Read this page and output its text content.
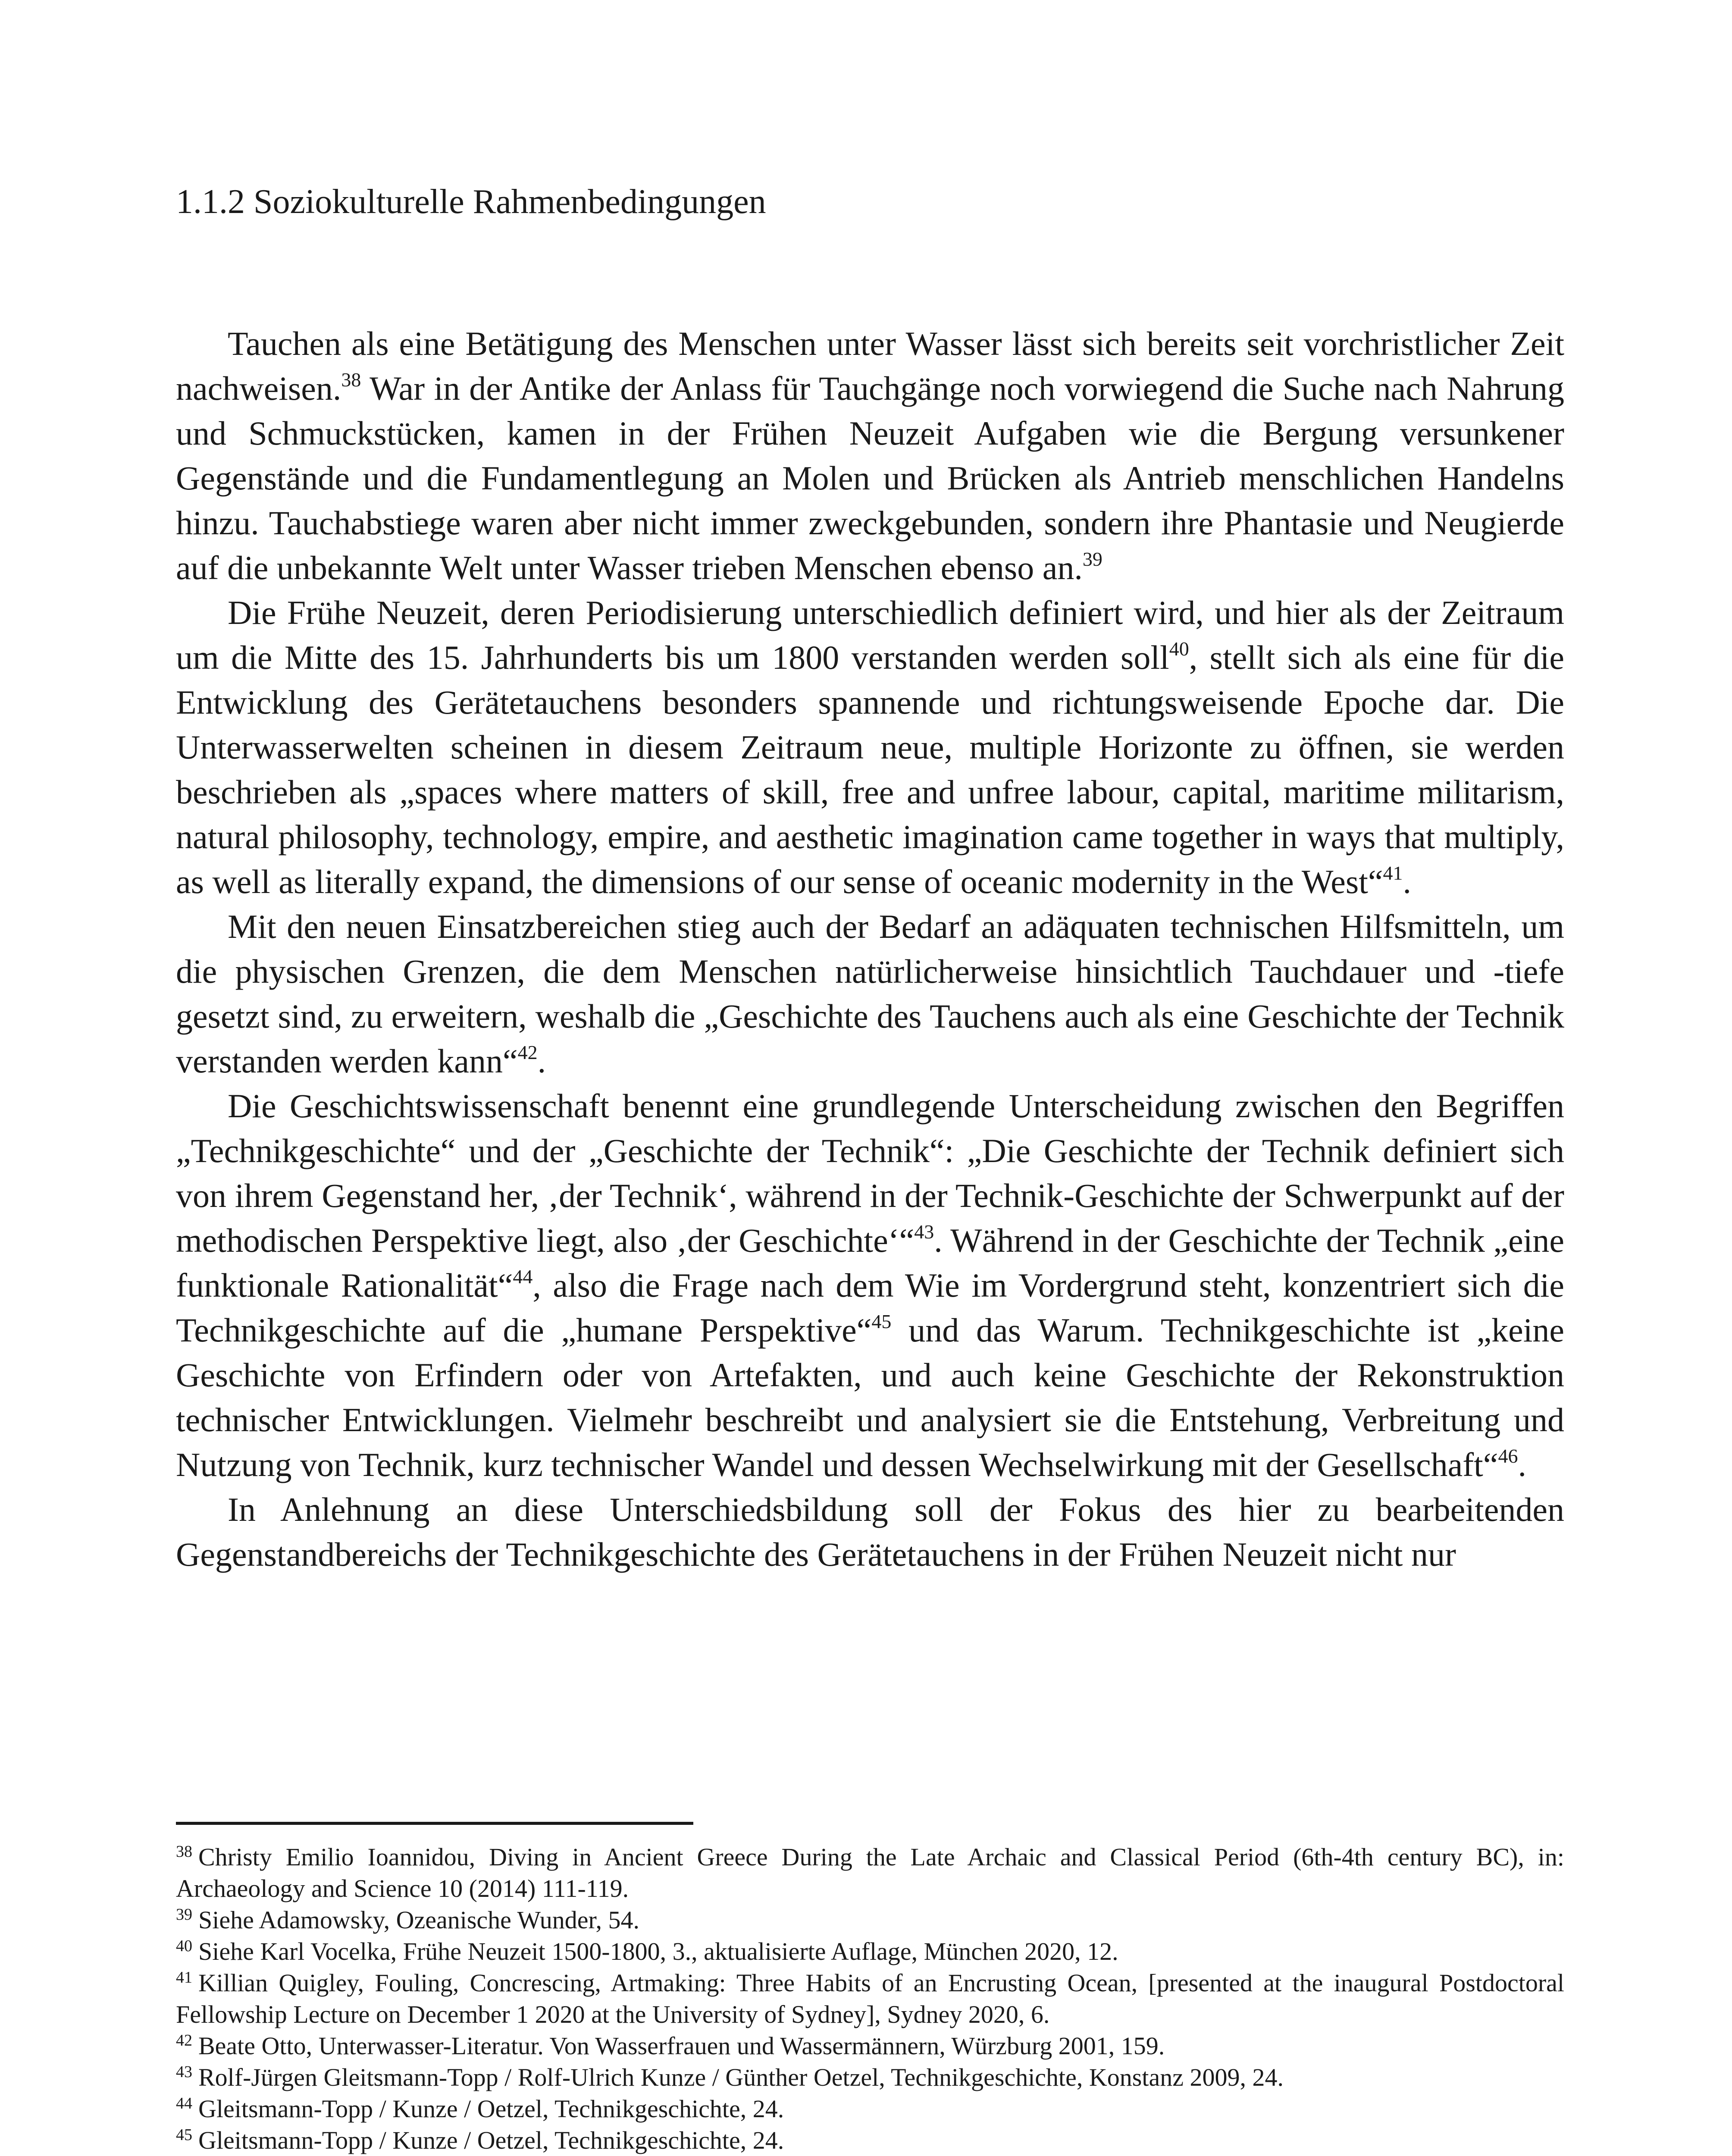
1.1.2 Soziokulturelle Rahmenbedingungen

Tauchen als eine Betätigung des Menschen unter Wasser lässt sich bereits seit vorchristlicher Zeit nachweisen.$^{38}$ War in der Antike der Anlass für Tauchgänge noch vorwiegend die Suche nach Nahrung und Schmuckstücken, kamen in der Frühen Neuzeit Aufgaben wie die Bergung versunkener Gegenstände und die Fundamentlegung an Molen und Brücken als Antrieb menschlichen Handelns hinzu. Tauchabstiege waren aber nicht immer zweckgebunden, sondern ihre Phantasie und Neugierde auf die unbekannte Welt unter Wasser trieben Menschen ebenso an.$^{39}$

Die Frühe Neuzeit, deren Periodisierung unterschiedlich definiert wird, und hier als der Zeitraum um die Mitte des 15. Jahrhunderts bis um 1800 verstanden werden soll$^{40}$, stellt sich als eine für die Entwicklung des Gerätetauchens besonders spannende und richtungsweisende Epoche dar. Die Unterwasserwelten scheinen in diesem Zeitraum neue, multiple Horizonte zu öffnen, sie werden beschrieben als „spaces where matters of skill, free and unfree labour, capital, maritime militarism, natural philosophy, technology, empire, and aesthetic imagination came together in ways that multiply, as well as literally expand, the dimensions of our sense of oceanic modernity in the West“$^{41}$.

Mit den neuen Einsatzbereichen stieg auch der Bedarf an adäquaten technischen Hilfsmitteln, um die physischen Grenzen, die dem Menschen natürlicherweise hinsichtlich Tauchdauer und -tiefe gesetzt sind, zu erweitern, weshalb die „Geschichte des Tauchens auch als eine Geschichte der Technik verstanden werden kann“$^{42}$.

Die Geschichtswissenschaft benennt eine grundlegende Unterscheidung zwischen den Begriffen „Technikgeschichte“ und der „Geschichte der Technik“: „Die Geschichte der Technik definiert sich von ihrem Gegenstand her, ‚der Technik‘, während in der Technik-Geschichte der Schwerpunkt auf der methodischen Perspektive liegt, also ‚der Geschichte‘“$^{43}$. Während in der Geschichte der Technik „eine funktionale Rationalität“$^{44}$, also die Frage nach dem Wie im Vordergrund steht, konzentriert sich die Technikgeschichte auf die „humane Perspektive“$^{45}$ und das Warum. Technikgeschichte ist „keine Geschichte von Erfindern oder von Artefakten, und auch keine Geschichte der Rekonstruktion technischer Entwicklungen. Vielmehr beschreibt und analysiert sie die Entstehung, Verbreitung und Nutzung von Technik, kurz technischer Wandel und dessen Wechselwirkung mit der Gesellschaft“$^{46}$.

In Anlehnung an diese Unterschiedsbildung soll der Fokus des hier zu bearbeitenden Gegenstandbereichs der Technikgeschichte des Gerätetauchens in der Frühen Neuzeit nicht nur

$^{38}$ Christy Emilio Ioannidou, Diving in Ancient Greece During the Late Archaic and Classical Period (6th-4th century BC), in: Archaeology and Science 10 (2014) 111-119.

$^{39}$ Siehe Adamowsky, Ozeanische Wunder, 54.

$^{40}$ Siehe Karl Vocelka, Frühe Neuzeit 1500-1800, 3., aktualisierte Auflage, München 2020, 12.

$^{41}$ Killian Quigley, Fouling, Concrescing, Artmaking: Three Habits of an Encrusting Ocean, [presented at the inaugural Postdoctoral Fellowship Lecture on December 1 2020 at the University of Sydney], Sydney 2020, 6.

$^{42}$ Beate Otto, Unterwasser-Literatur. Von Wasserfrauen und Wassermännern, Würzburg 2001, 159.

$^{43}$ Rolf-Jürgen Gleitsmann-Topp / Rolf-Ulrich Kunze / Günther Oetzel, Technikgeschichte, Konstanz 2009, 24.

$^{44}$ Gleitsmann-Topp / Kunze / Oetzel, Technikgeschichte, 24.

$^{45}$ Gleitsmann-Topp / Kunze / Oetzel, Technikgeschichte, 24.
